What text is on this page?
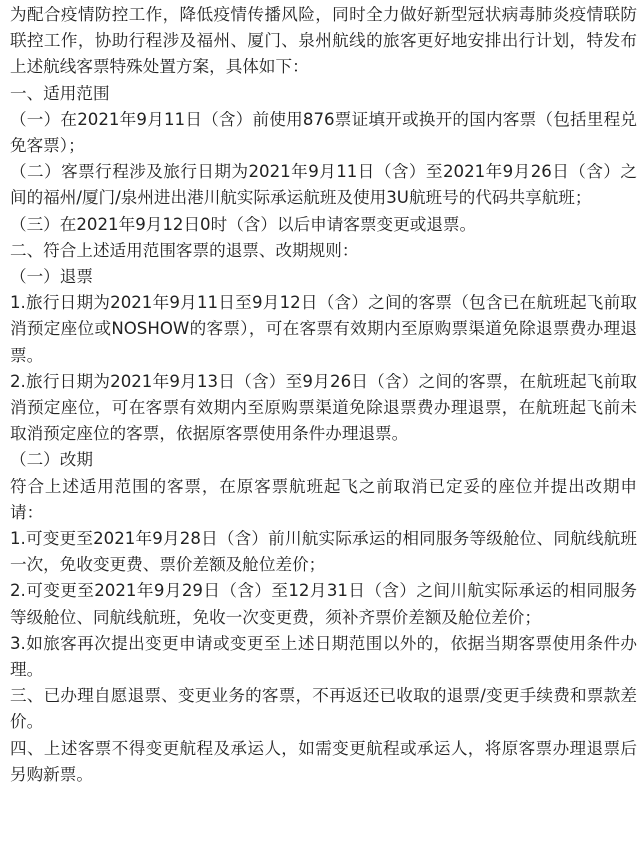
为配合疫情防控工作，降低疫情传播风险，同时全力做好新型冠状病毒肺炎疫情联防联控工作，协助行程涉及福州、厦门、泉州航线的旅客更好地安排出行计划，特发布上述航线客票特殊处置方案，具体如下：

一、适用范围

（一）在2021年9月11日（含）前使用876票证填开或换开的国内客票（包括里程兑免客票）；

（二）客票行程涉及旅行日期为2021年9月11日（含）至2021年9月26日（含）之间的福州/厦门/泉州进出港川航实际承运航班及使用3U航班号的代码共享航班；

（三）在2021年9月12日0时（含）以后申请客票变更或退票。

二、符合上述适用范围客票的退票、改期规则：

（一）退票

1.旅行日期为2021年9月11日至9月12日（含）之间的客票（包含已在航班起飞前取消预定座位或NOSHOW的客票），可在客票有效期内至原购票渠道免除退票费办理退票。

2.旅行日期为2021年9月13日（含）至9月26日（含）之间的客票，在航班起飞前取消预定座位，可在客票有效期内至原购票渠道免除退票费办理退票，在航班起飞前未取消预定座位的客票，依据原客票使用条件办理退票。

（二）改期

符合上述适用范围的客票，在原客票航班起飞之前取消已定妥的座位并提出改期申请：

1.可变更至2021年9月28日（含）前川航实际承运的相同服务等级舱位、同航线航班一次，免收变更费、票价差额及舱位差价；

2.可变更至2021年9月29日（含）至12月31日（含）之间川航实际承运的相同服务等级舱位、同航线航班，免收一次变更费，须补齐票价差额及舱位差价；

3.如旅客再次提出变更申请或变更至上述日期范围以外的，依据当期客票使用条件办理。

三、已办理自愿退票、变更业务的客票，不再返还已收取的退票/变更手续费和票款差价。

四、上述客票不得变更航程及承运人，如需变更航程或承运人，将原客票办理退票后另购新票。
